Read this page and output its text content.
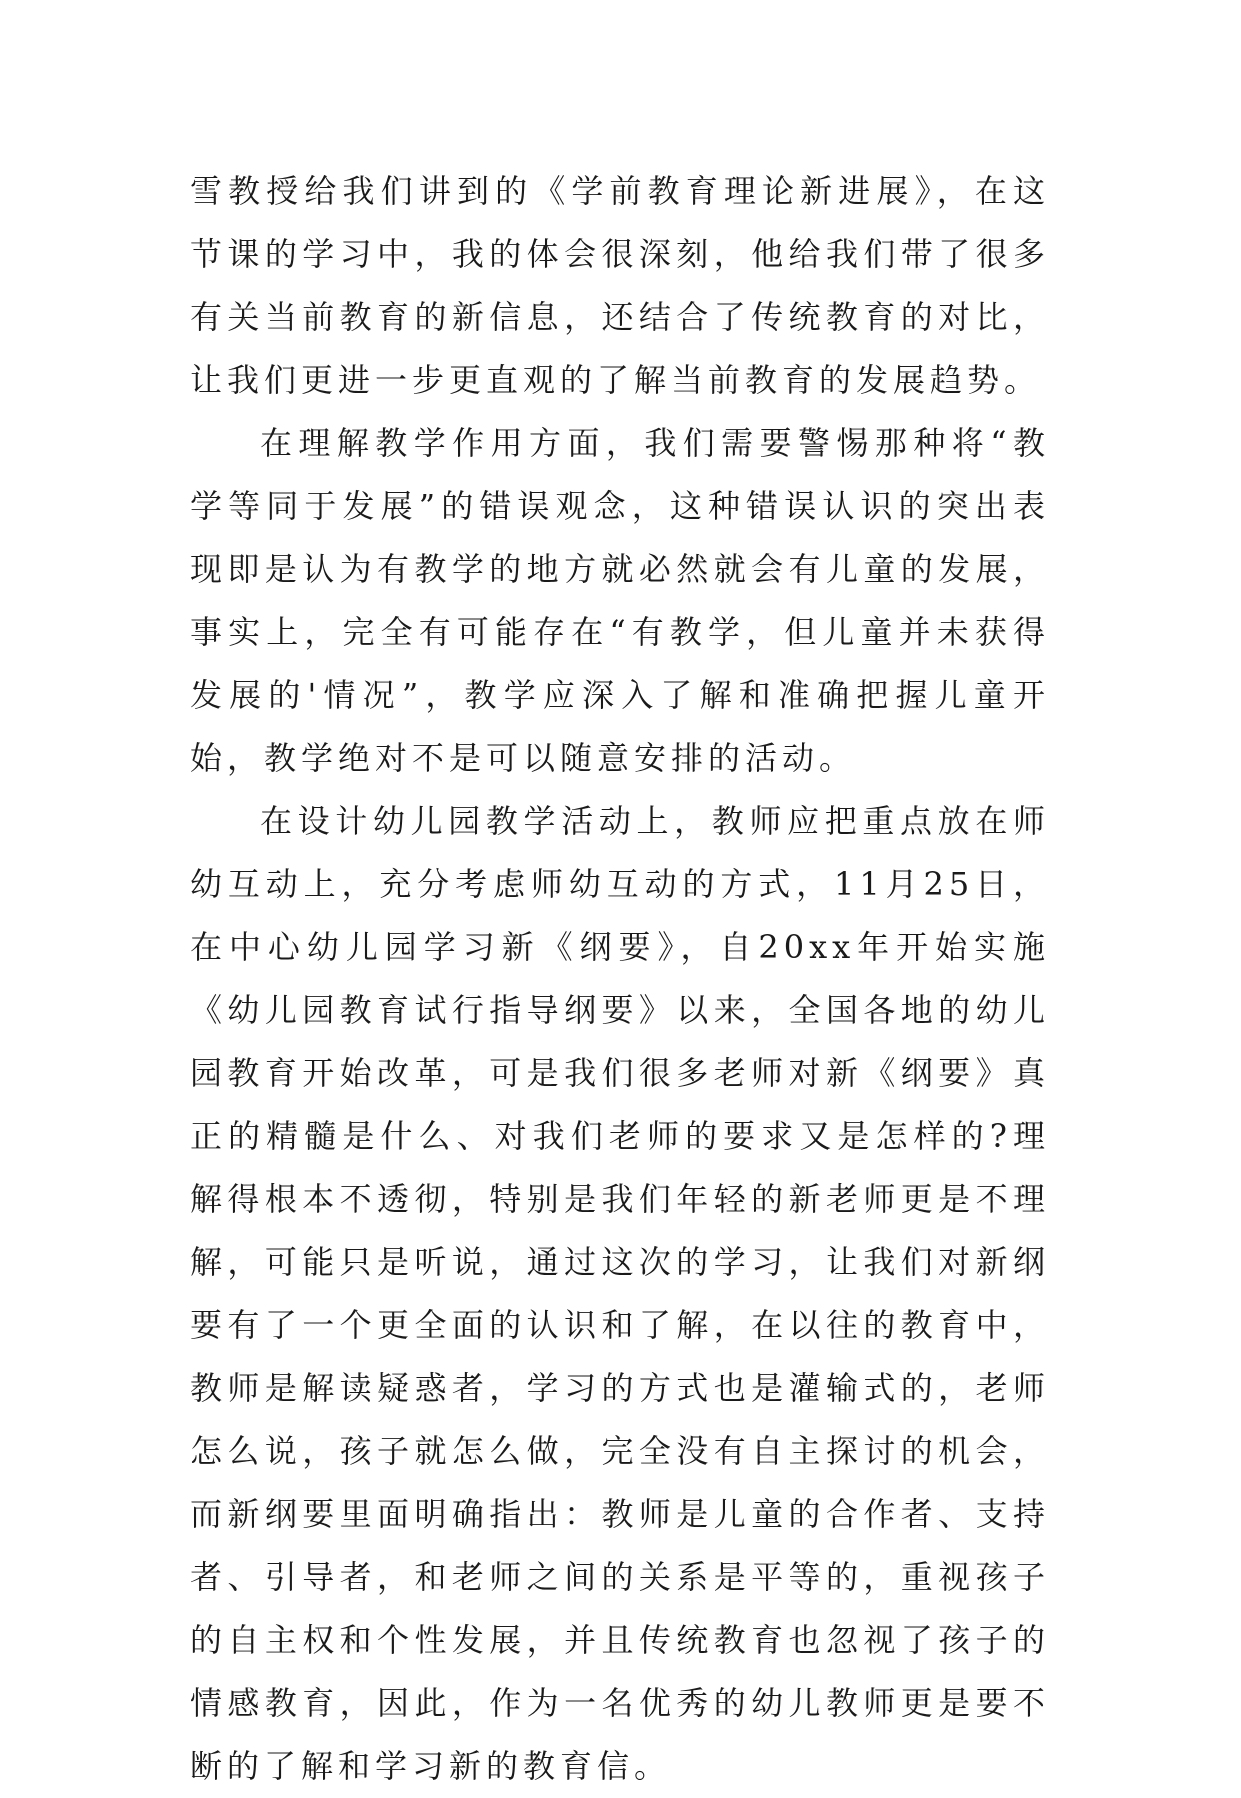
雪教授给我们讲到的《学前教育理论新进展》，在这节课的学习中，我的体会很深刻，他给我们带了很多有关当前教育的新信息，还结合了传统教育的对比，让我们更进一步更直观的了解当前教育的发展趋势。

在理解教学作用方面，我们需要警惕那种将“教学等同于发展”的错误观念，这种错误认识的突出表现即是认为有教学的地方就必然就会有儿童的发展，事实上，完全有可能存在“有教学，但儿童并未获得发展的'情况”，教学应深入了解和准确把握儿童开始，教学绝对不是可以随意安排的活动。

在设计幼儿园教学活动上，教师应把重点放在师幼互动上，充分考虑师幼互动的方式，11月25日，在中心幼儿园学习新《纲要》，自20xx年开始实施《幼儿园教育试行指导纲要》以来，全国各地的幼儿园教育开始改革，可是我们很多老师对新《纲要》真正的精髓是什么、对我们老师的要求又是怎样的?理解得根本不透彻，特别是我们年轻的新老师更是不理解，可能只是听说，通过这次的学习，让我们对新纲要有了一个更全面的认识和了解，在以往的教育中，教师是解读疑惑者，学习的方式也是灌输式的，老师怎么说，孩子就怎么做，完全没有自主探讨的机会，而新纲要里面明确指出：教师是儿童的合作者、支持者、引导者，和老师之间的关系是平等的，重视孩子的自主权和个性发展，并且传统教育也忽视了孩子的情感教育，因此，作为一名优秀的幼儿教师更是要不断的了解和学习新的教育信。
